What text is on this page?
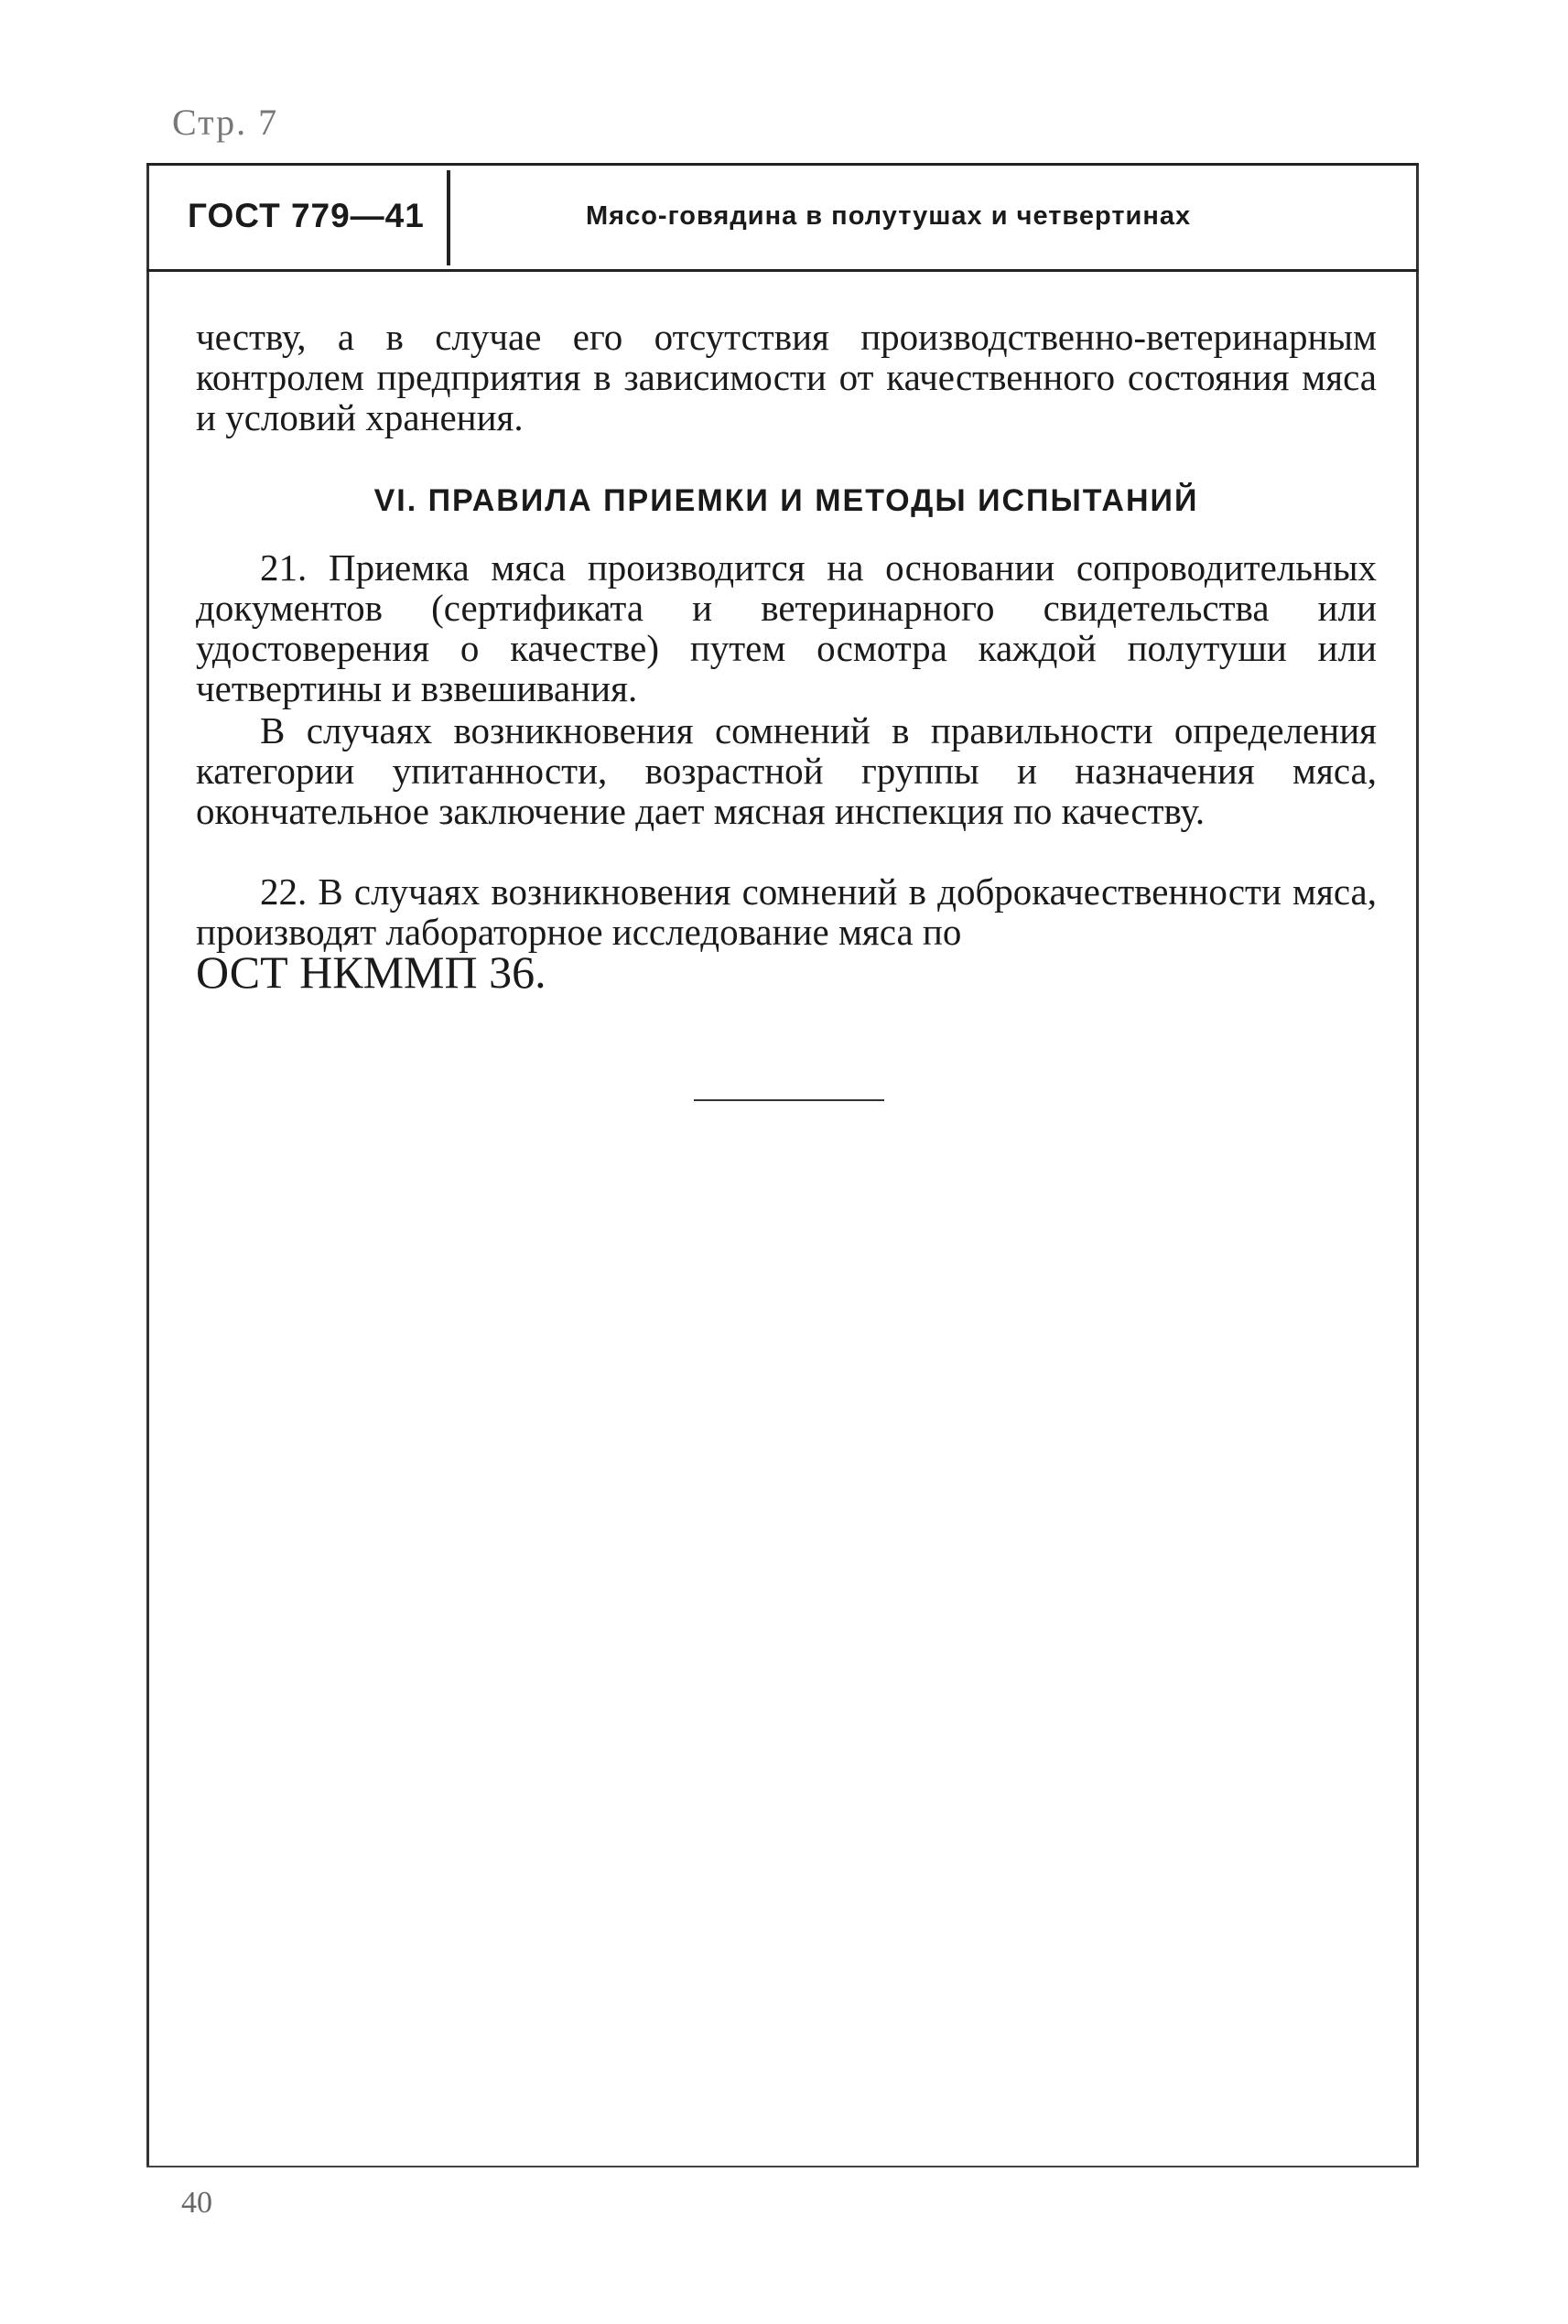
Стр. 7
ГОСТ 779—41	Мясо-говядина в полутушах и четвертинах

честву, а в случае его отсутствия производственно-ветеринарным контролем предприятия в зависимости от качественного состояния мяса и условий хранения.

VI. ПРАВИЛА ПРИЕМКИ И МЕТОДЫ ИСПЫТАНИЙ

21. Приемка мяса производится на основании сопроводительных документов (сертификата и ветеринарного свидетельства или удостоверения о качестве) путем осмотра каждой полутуши или четвертины и взвешивания.

В случаях возникновения сомнений в правильности определения категории упитанности, возрастной группы и назначения мяса, окончательное заключение дает мясная инспекция по качеству.

22. В случаях возникновения сомнений в доброкачественности мяса, производят лабораторное исследование мяса по
ОСТ НКММП 36.

40
